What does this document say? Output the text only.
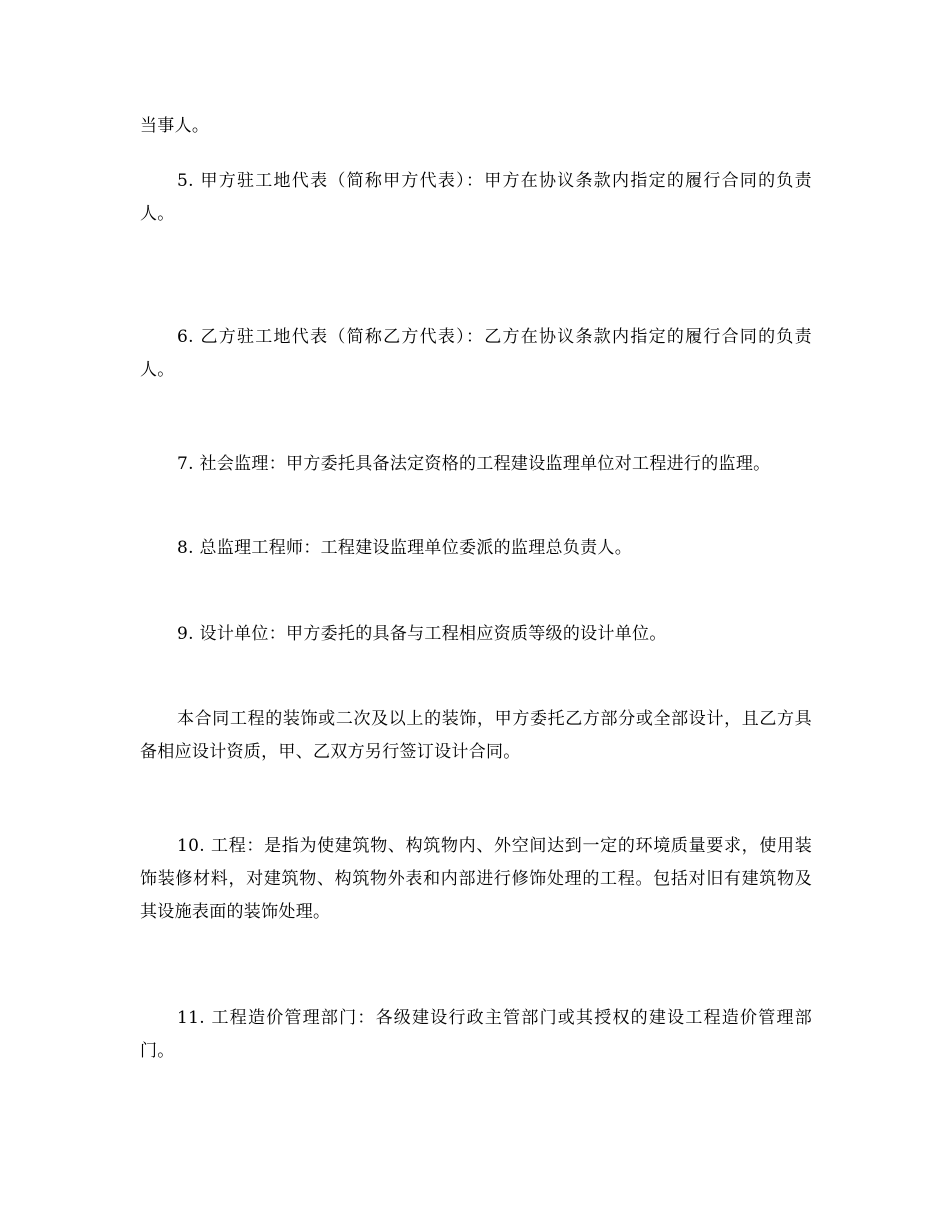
当事人。

5. 甲方驻工地代表（简称甲方代表）：甲方在协议条款内指定的履行合同的负责人。

6. 乙方驻工地代表（简称乙方代表）：乙方在协议条款内指定的履行合同的负责人。

7. 社会监理：甲方委托具备法定资格的工程建设监理单位对工程进行的监理。

8. 总监理工程师：工程建设监理单位委派的监理总负责人。

9. 设计单位：甲方委托的具备与工程相应资质等级的设计单位。

本合同工程的装饰或二次及以上的装饰，甲方委托乙方部分或全部设计，且乙方具备相应设计资质，甲、乙双方另行签订设计合同。

10. 工程：是指为使建筑物、构筑物内、外空间达到一定的环境质量要求，使用装饰装修材料，对建筑物、构筑物外表和内部进行修饰处理的工程。包括对旧有建筑物及其设施表面的装饰处理。

11. 工程造价管理部门：各级建设行政主管部门或其授权的建设工程造价管理部门。
